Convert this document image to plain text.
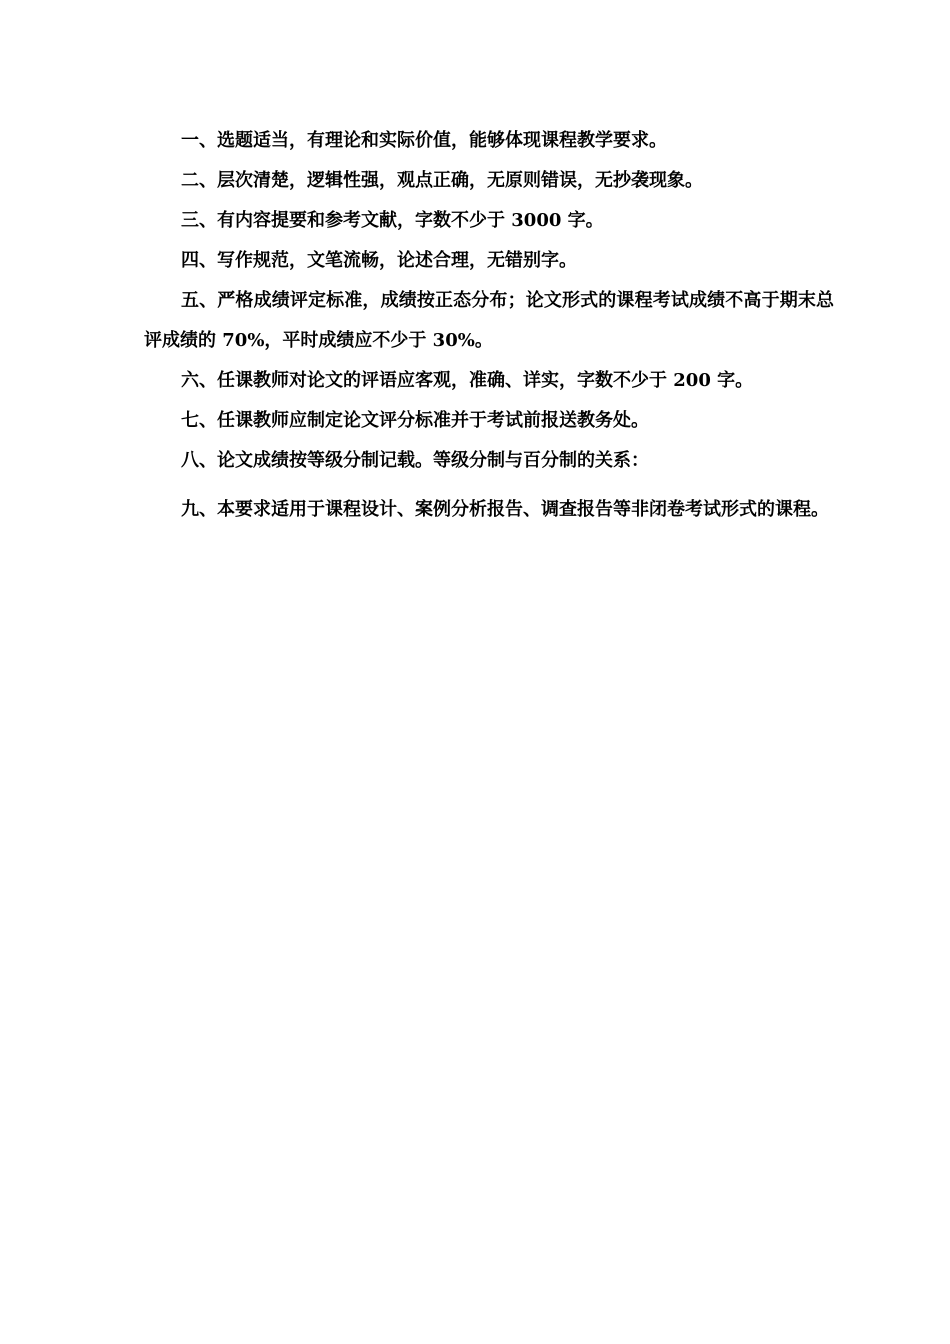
一、选题适当，有理论和实际价值，能够体现课程教学要求。

二、层次清楚，逻辑性强，观点正确，无原则错误，无抄袭现象。

三、有内容提要和参考文献，字数不少于 3000 字。

四、写作规范，文笔流畅，论述合理，无错别字。

五、严格成绩评定标准，成绩按正态分布；论文形式的课程考试成绩不高于期末总评成绩的 70%，平时成绩应不少于 30%。

六、任课教师对论文的评语应客观，准确、详实，字数不少于 200 字。

七、任课教师应制定论文评分标准并于考试前报送教务处。

八、论文成绩按等级分制记载。等级分制与百分制的关系：

九、本要求适用于课程设计、案例分析报告、调查报告等非闭卷考试形式的课程。
